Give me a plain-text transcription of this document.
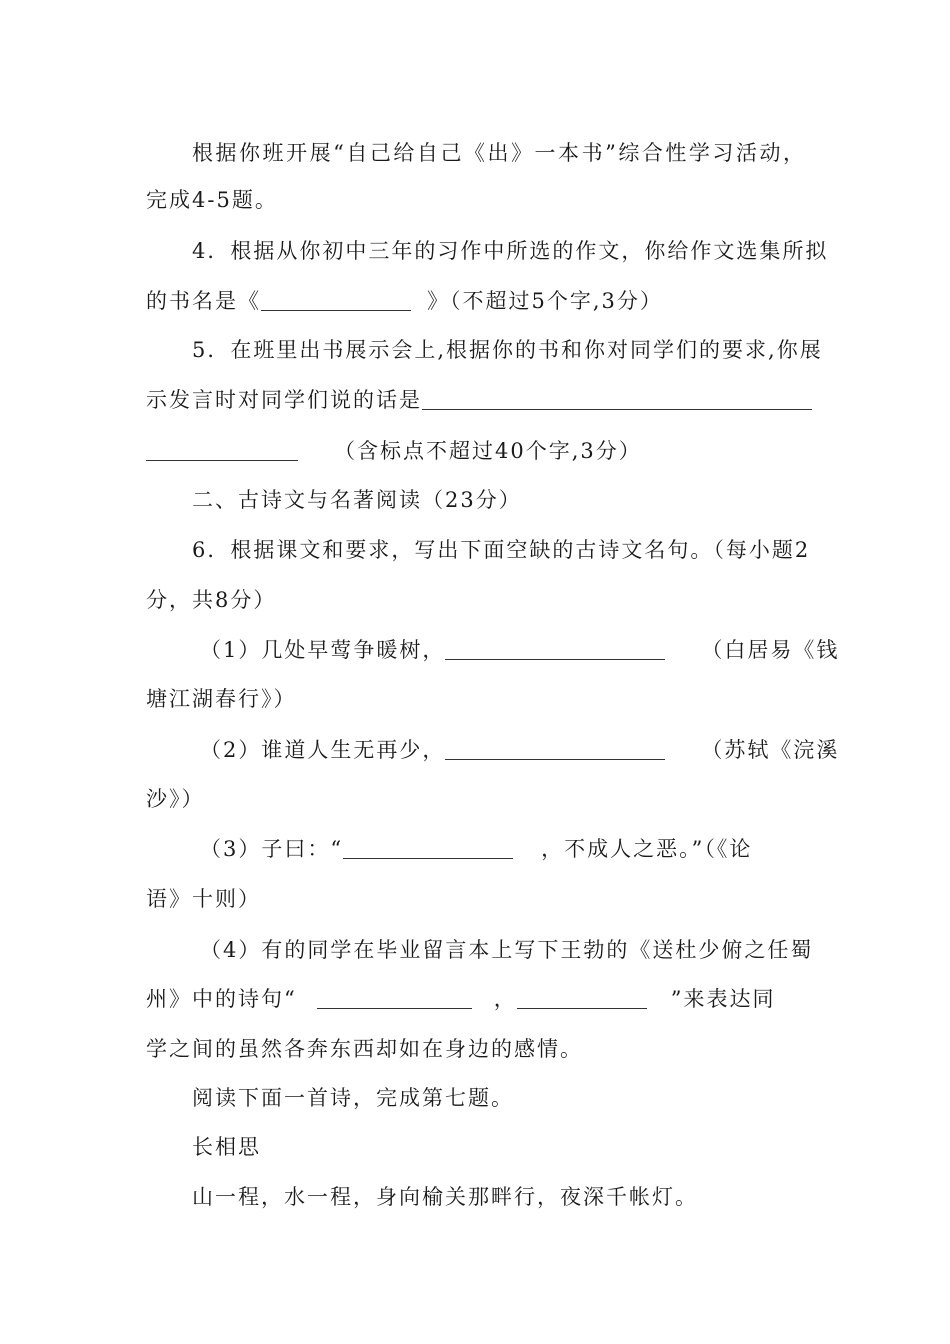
根据你班开展“自己给自己《出》一本书”综合性学习活动，
完成4-5题。
4．根据从你初中三年的习作中所选的作文，你给作文选集所拟
的书名是《	》（不超过5个字,3分）
5．在班里出书展示会上,根据你的书和你对同学们的要求,你展
示发言时对同学们说的话是
（含标点不超过40个字,3分）
二、古诗文与名著阅读（23分）
6．根据课文和要求，写出下面空缺的古诗文名句。（每小题2
分，共8分）
（1）几处早莺争暖树，	（白居易《钱
塘江湖春行》）
（2）谁道人生无再少，	（苏轼《浣溪
沙》）
（3）子曰：“	，不成人之恶。”（《论
语》十则）
（4）有的同学在毕业留言本上写下王勃的《送杜少俯之任蜀
州》中的诗句“	，	”来表达同
学之间的虽然各奔东西却如在身边的感情。
阅读下面一首诗，完成第七题。
长相思
山一程，水一程，身向榆关那畔行，夜深千帐灯。
